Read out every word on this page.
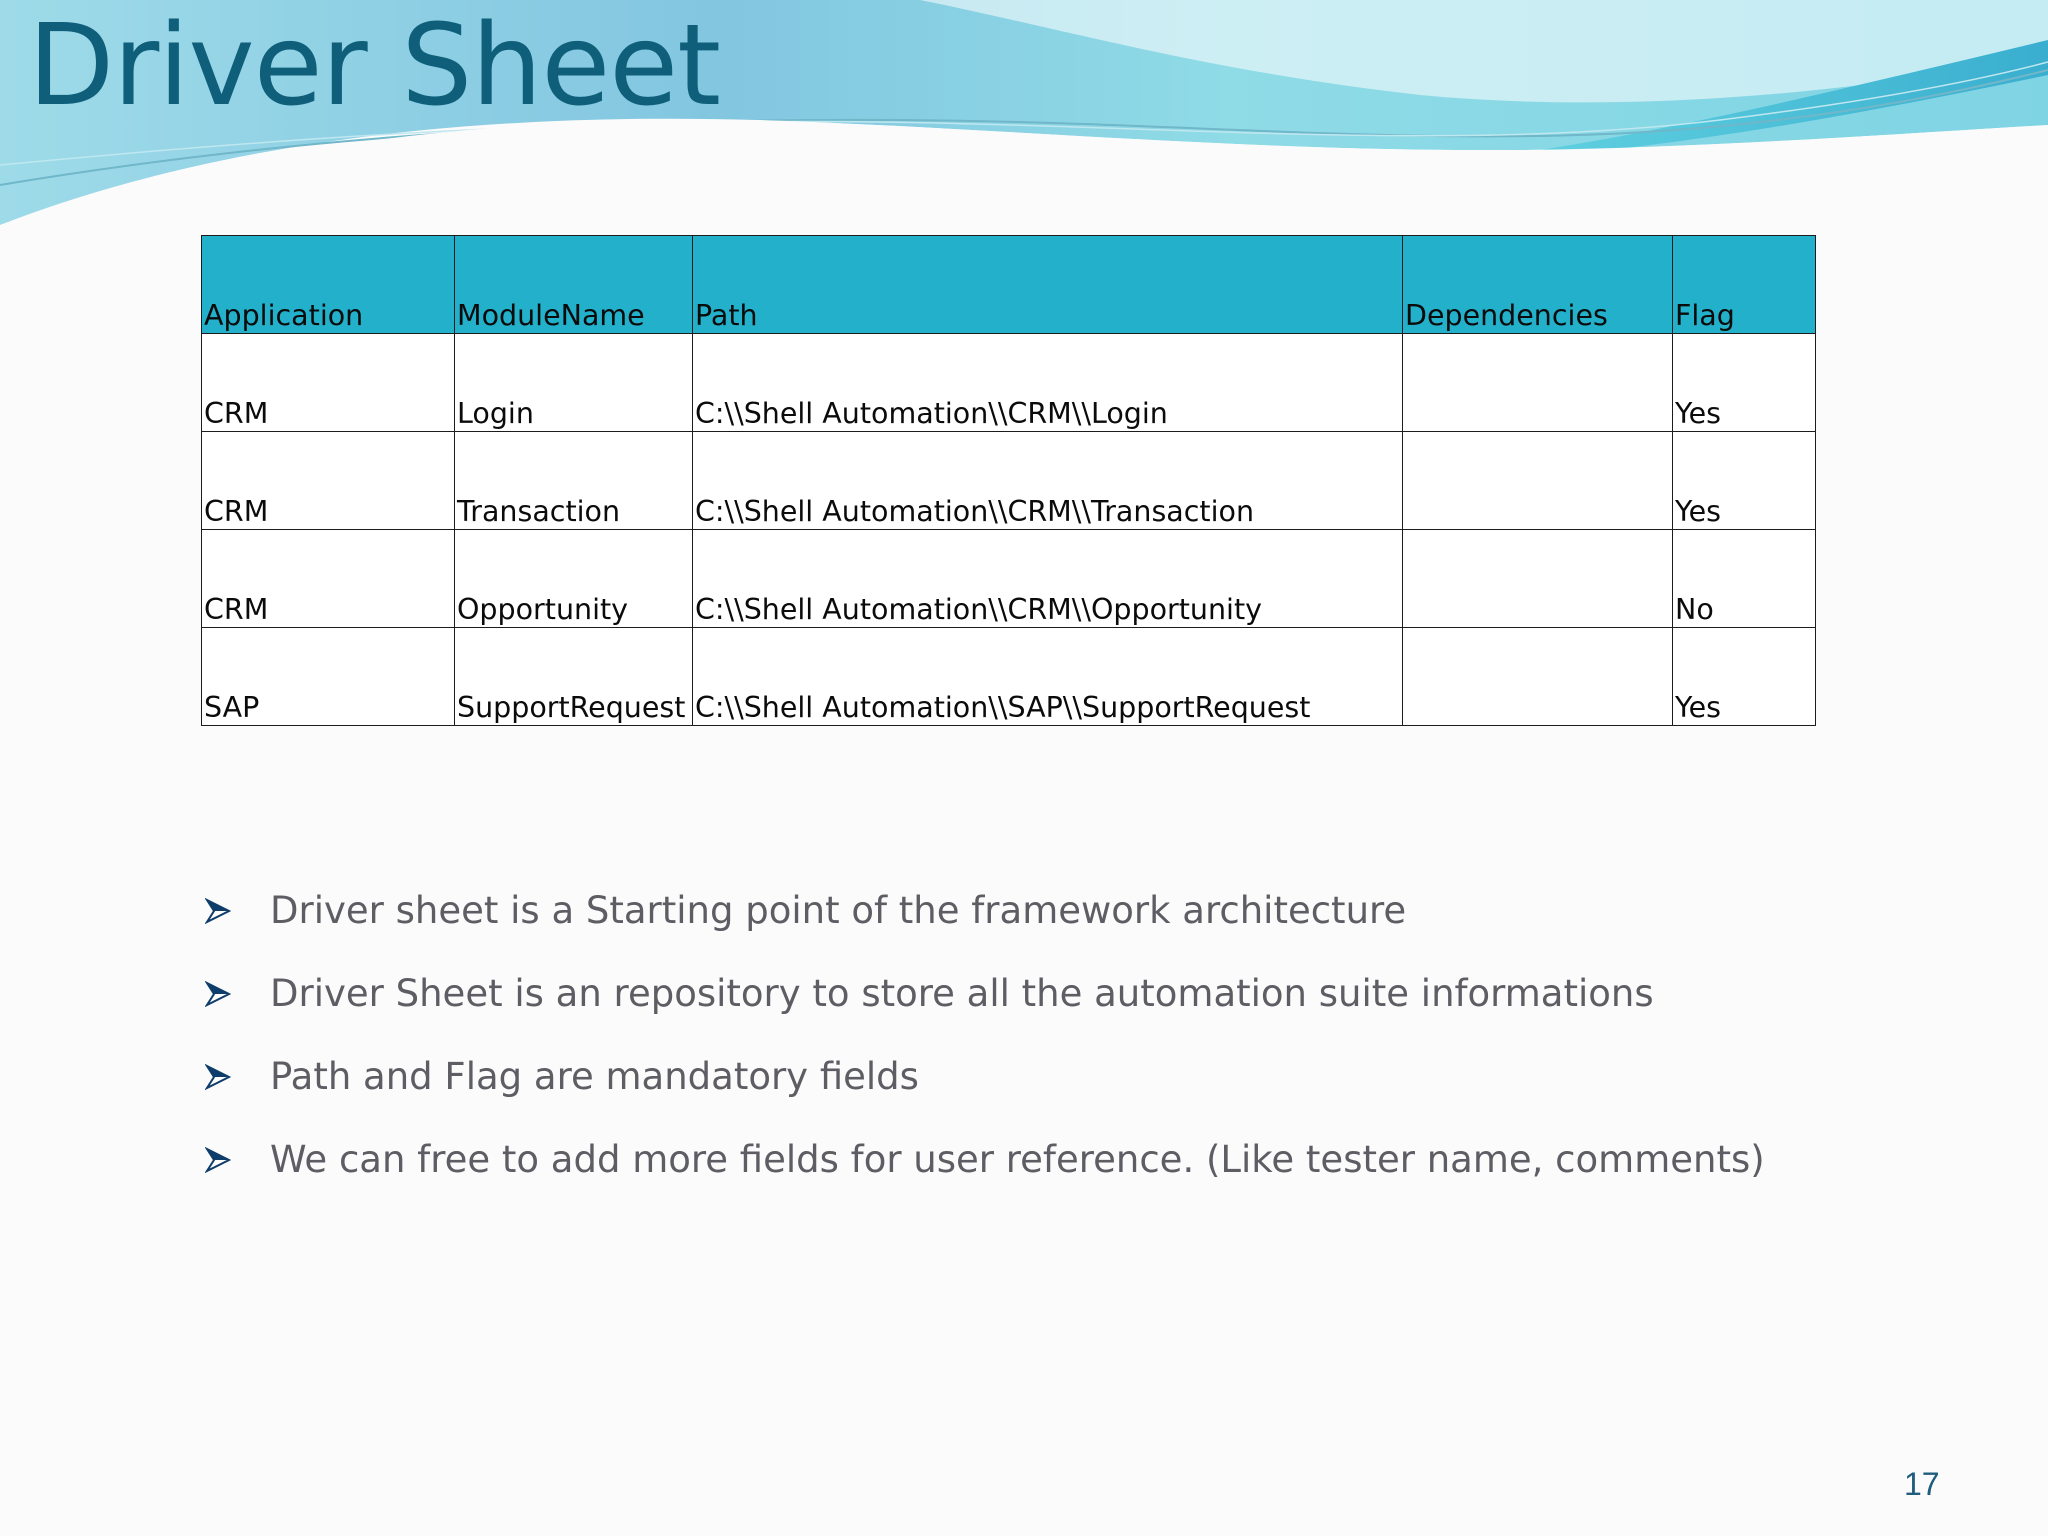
Driver Sheet
Application	ModuleName	Path	Dependencies	Flag
CRM	Login	C:\\Shell Automation\\CRM\\Login		Yes
CRM	Transaction	C:\\Shell Automation\\CRM\\Transaction		Yes
CRM	Opportunity	C:\\Shell Automation\\CRM\\Opportunity		No
SAP	SupportRequest	C:\\Shell Automation\\SAP\\SupportRequest		Yes
Driver sheet is a Starting point of the framework architecture
Driver Sheet is an repository to store all the automation suite informations
Path and Flag are mandatory fields
We can free to add more fields for user reference. (Like tester name, comments)
17
